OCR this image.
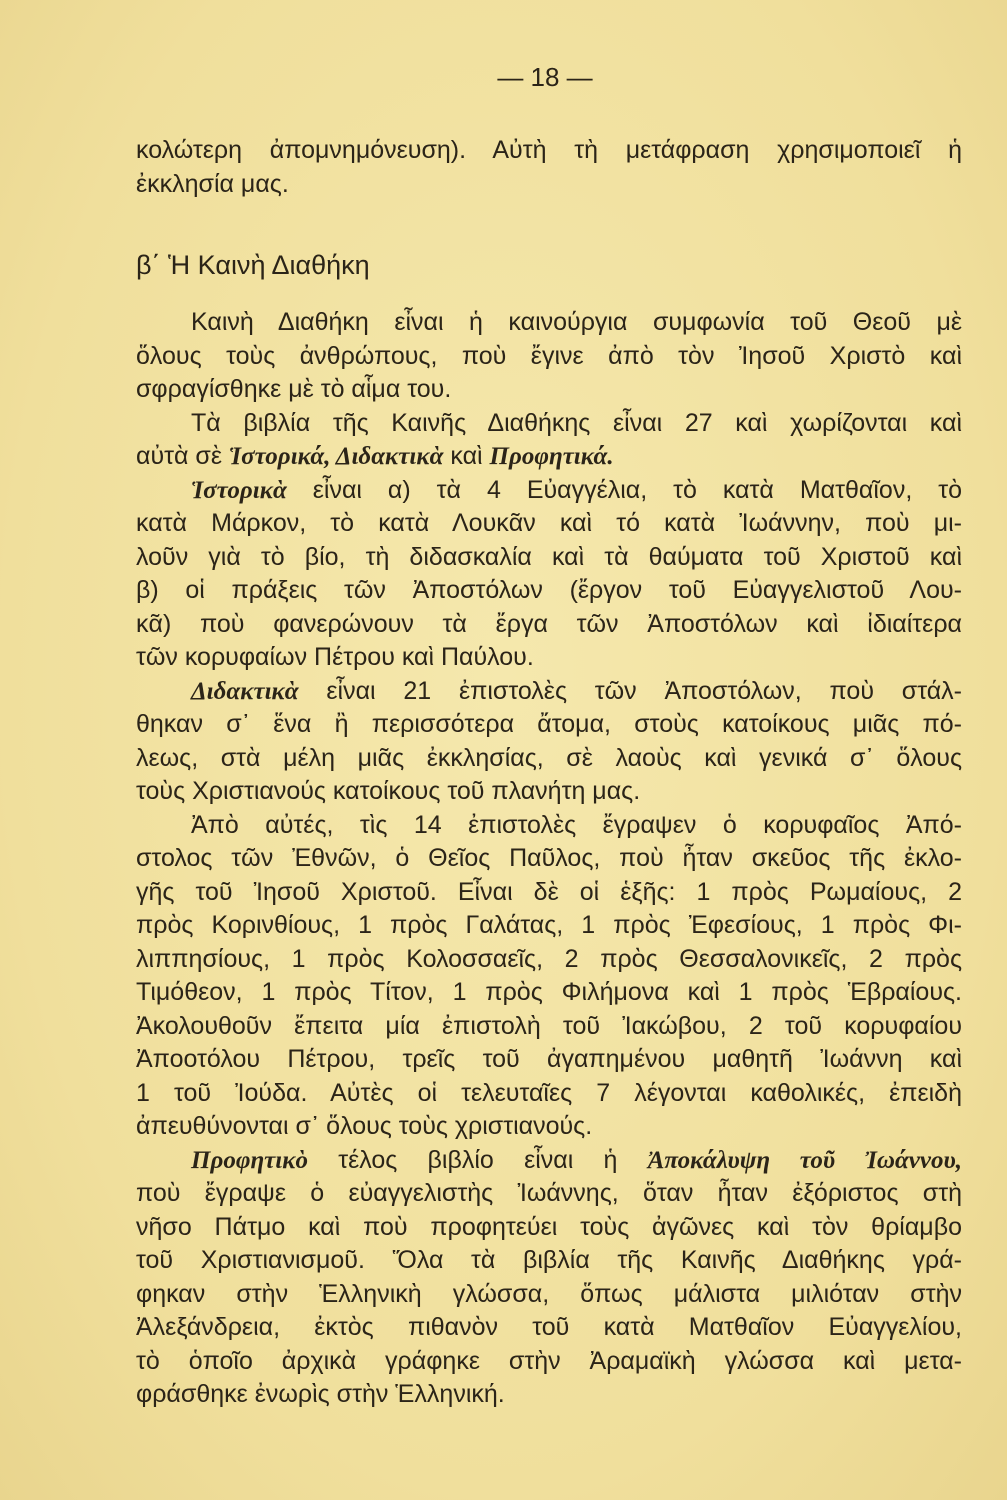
— 18 —
β΄ Ἡ Καινὴ Διαθήκη
κολώτερη ἀπομνημόνευση). Αὐτὴ τὴ μετάφραση χρησιμοποιεῖ ἡ
ἐκκλησία μας.
Καινὴ Διαθήκη εἶναι ἡ καινούργια συμφωνία τοῦ Θεοῦ μὲ
ὅλους τοὺς ἀνθρώπους, ποὺ ἔγινε ἀπὸ τὸν Ἰησοῦ Χριστὸ καὶ
σφραγίσθηκε μὲ τὸ αἷμα του.
Τὰ βιβλία τῆς Καινῆς Διαθήκης εἶναι 27 καὶ χωρίζονται καὶ
αὐτὰ σὲ Ἱστορικά, Διδακτικὰ καὶ Προφητικά.
Ἱστορικὰ εἶναι α) τὰ 4 Εὐαγγέλια, τὸ κατὰ Ματθαῖον, τὸ
κατὰ Μάρκον, τὸ κατὰ Λουκᾶν καὶ τό κατὰ Ἰωάννην, ποὺ μι-
λοῦν γιὰ τὸ βίο, τὴ διδασκαλία καὶ τὰ θαύματα τοῦ Χριστοῦ καὶ
β) οἱ πράξεις τῶν Ἀποστόλων (ἔργον τοῦ Εὐαγγελιστοῦ Λου-
κᾶ) ποὺ φανερώνουν τὰ ἔργα τῶν Ἀποστόλων καὶ ἰδιαίτερα
τῶν κορυφαίων Πέτρου καὶ Παύλου.
Διδακτικὰ εἶναι 21 ἐπιστολὲς τῶν Ἀποστόλων, ποὺ στάλ-
θηκαν σ᾿ ἕνα ἢ περισσότερα ἄτομα, στοὺς κατοίκους μιᾶς πό-
λεως, στὰ μέλη μιᾶς ἐκκλησίας, σὲ λαοὺς καὶ γενικά σ᾿ ὅλους
τοὺς Χριστιανούς κατοίκους τοῦ πλανήτη μας.
Ἀπὸ αὐτές, τὶς 14 ἐπιστολὲς ἔγραψεν ὁ κορυφαῖος Ἀπό-
στολος τῶν Ἐθνῶν, ὁ Θεῖος Παῦλος, ποὺ ἦταν σκεῦος τῆς ἐκλο-
γῆς τοῦ Ἰησοῦ Χριστοῦ. Εἶναι δὲ οἱ ἑξῆς: 1 πρὸς Ρωμαίους, 2
πρὸς Κορινθίους, 1 πρὸς Γαλάτας, 1 πρὸς Ἐφεσίους, 1 πρὸς Φι-
λιππησίους, 1 πρὸς Κολοσσαεῖς, 2 πρὸς Θεσσαλονικεῖς, 2 πρὸς
Τιμόθεον, 1 πρὸς Τίτον, 1 πρὸς Φιλήμονα καὶ 1 πρὸς Ἑβραίους.
Ἀκολουθοῦν ἔπειτα μία ἐπιστολὴ τοῦ Ἰακώβου, 2 τοῦ κορυφαίου
Ἀποοτόλου Πέτρου, τρεῖς τοῦ ἀγαπημένου μαθητῆ Ἰωάννη καὶ
1 τοῦ Ἰούδα. Αὐτὲς οἱ τελευταῖες 7 λέγονται καθολικές, ἐπειδὴ
ἀπευθύνονται σ᾿ ὅλους τοὺς χριστιανούς.
Προφητικὸ τέλος βιβλίο εἶναι ἡ Ἀποκάλυψη τοῦ Ἰωάννου,
ποὺ ἔγραψε ὁ εὐαγγελιστὴς Ἰωάννης, ὅταν ἦταν ἐξόριστος στὴ
νῆσο Πάτμο καὶ ποὺ προφητεύει τοὺς ἀγῶνες καὶ τὸν θρίαμβο
τοῦ Χριστιανισμοῦ. Ὅλα τὰ βιβλία τῆς Καινῆς Διαθήκης γρά-
φηκαν στὴν Ἑλληνικὴ γλώσσα, ὅπως μάλιστα μιλιόταν στὴν
Ἀλεξάνδρεια, ἐκτὸς πιθανὸν τοῦ κατὰ Ματθαῖον Εὐαγγελίου,
τὸ ὁποῖο ἀρχικὰ γράφηκε στὴν Ἀραμαϊκὴ γλώσσα καὶ μετα-
φράσθηκε ἐνωρὶς στὴν Ἑλληνική.
